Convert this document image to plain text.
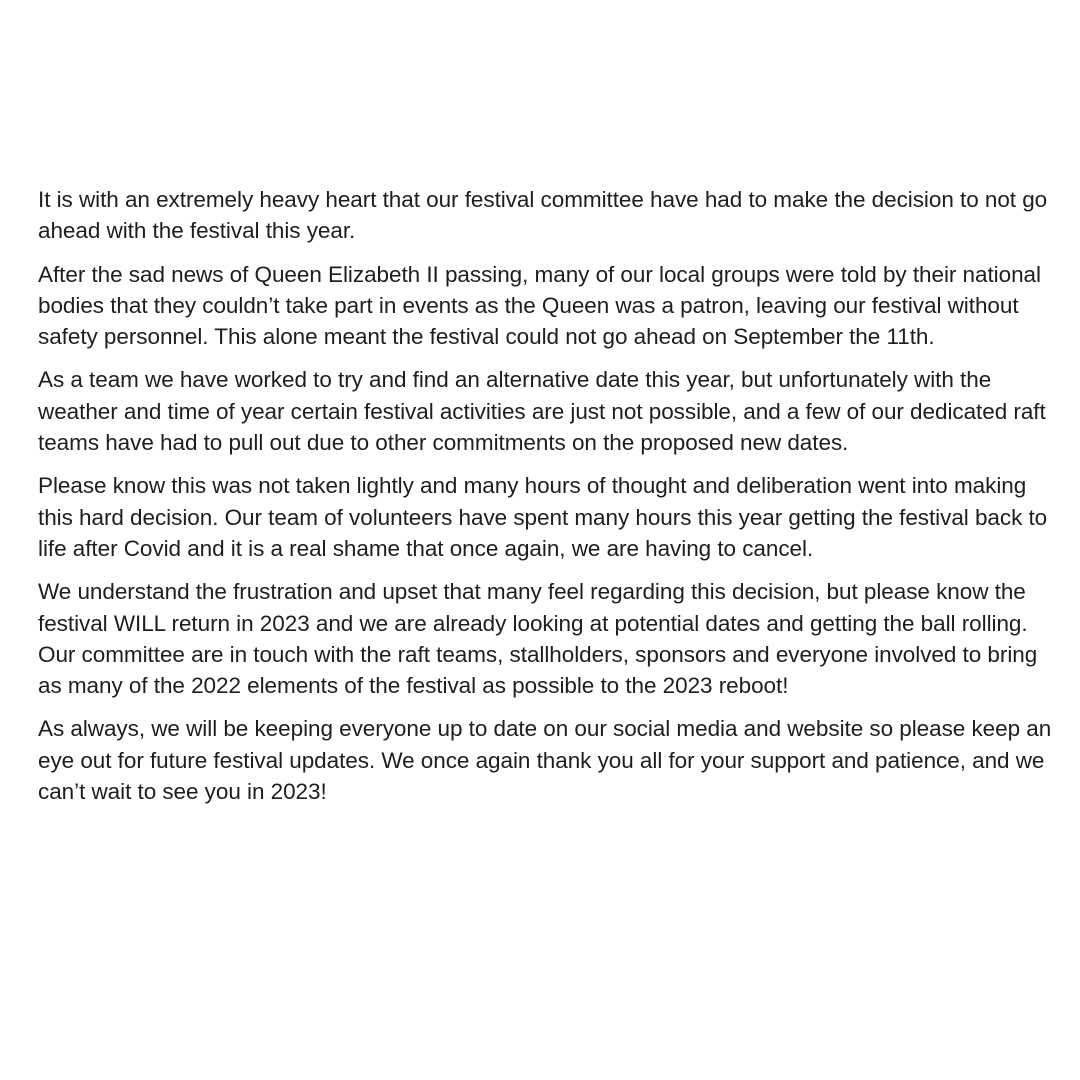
It is with an extremely heavy heart that our festival committee have had to make the decision to not go ahead with the festival this year.

After the sad news of Queen Elizabeth II passing, many of our local groups were told by their national bodies that they couldn’t take part in events as the Queen was a patron, leaving our festival without safety personnel. This alone meant the festival could not go ahead on September the 11th.

As a team we have worked to try and find an alternative date this year, but unfortunately with the weather and time of year certain festival activities are just not possible, and a few of our dedicated raft teams have had to pull out due to other commitments on the proposed new dates.

Please know this was not taken lightly and many hours of thought and deliberation went into making this hard decision. Our team of volunteers have spent many hours this year getting the festival back to life after Covid and it is a real shame that once again, we are having to cancel.

We understand the frustration and upset that many feel regarding this decision, but please know the festival WILL return in 2023 and we are already looking at potential dates and getting the ball rolling. Our committee are in touch with the raft teams, stallholders, sponsors and everyone involved to bring as many of the 2022 elements of the festival as possible to the 2023 reboot!

As always, we will be keeping everyone up to date on our social media and website so please keep an eye out for future festival updates. We once again thank you all for your support and patience, and we can’t wait to see you in 2023!
